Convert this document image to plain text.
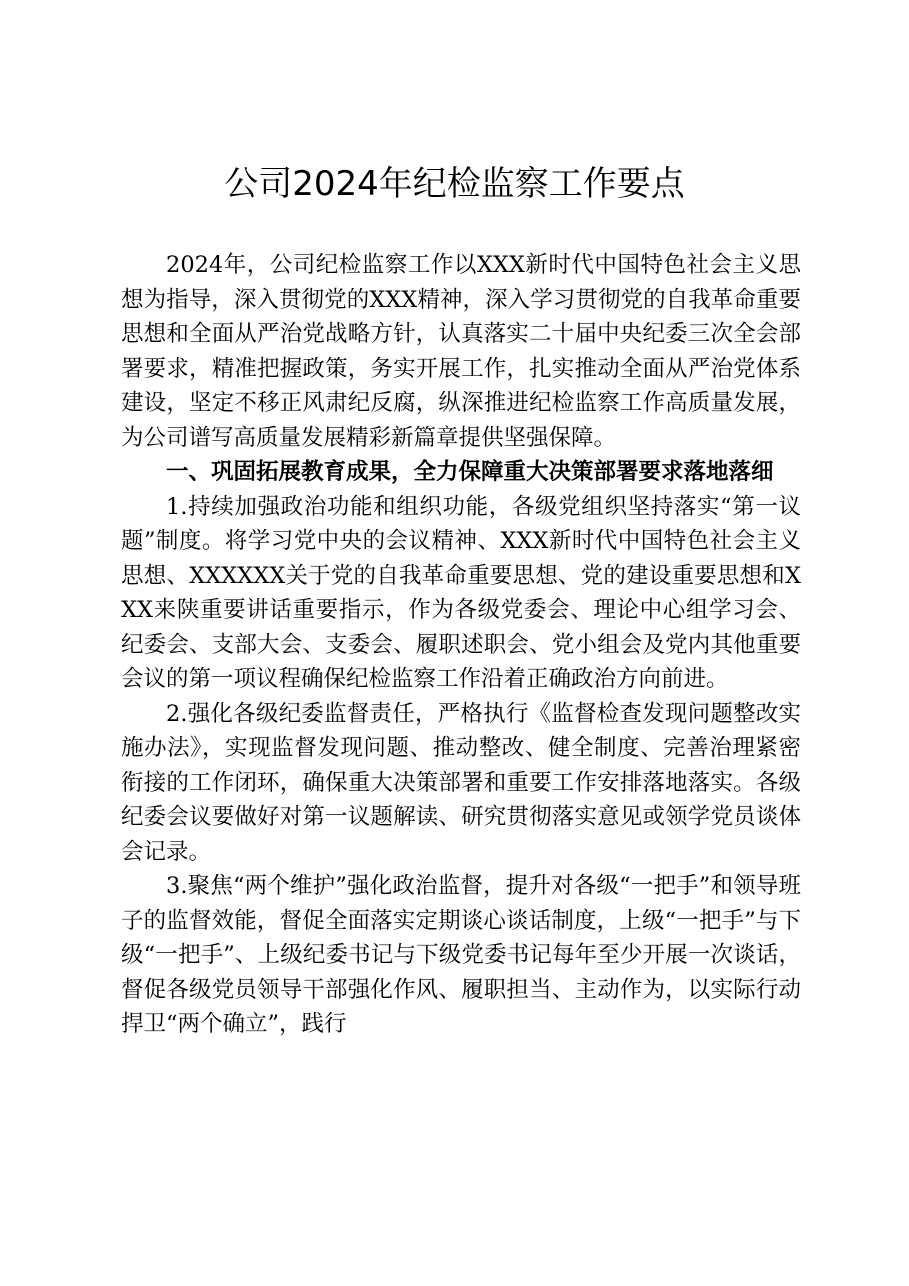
公司2024年纪检监察工作要点

2024年，公司纪检监察工作以XXX新时代中国特色社会主义思想为指导，深入贯彻党的XXX精神，深入学习贯彻党的自我革命重要思想和全面从严治党战略方针，认真落实二十届中央纪委三次全会部署要求，精准把握政策，务实开展工作，扎实推动全面从严治党体系建设，坚定不移正风肃纪反腐，纵深推进纪检监察工作高质量发展，为公司谱写高质量发展精彩新篇章提供坚强保障。

一、巩固拓展教育成果，全力保障重大决策部署要求落地落细

1.持续加强政治功能和组织功能，各级党组织坚持落实“第一议题”制度。将学习党中央的会议精神、XXX新时代中国特色社会主义思想、XXXXXX关于党的自我革命重要思想、党的建设重要思想和XXX来陕重要讲话重要指示，作为各级党委会、理论中心组学习会、纪委会、支部大会、支委会、履职述职会、党小组会及党内其他重要会议的第一项议程确保纪检监察工作沿着正确政治方向前进。

2.强化各级纪委监督责任，严格执行《监督检查发现问题整改实施办法》，实现监督发现问题、推动整改、健全制度、完善治理紧密衔接的工作闭环，确保重大决策部署和重要工作安排落地落实。各级纪委会议要做好对第一议题解读、研究贯彻落实意见或领学党员谈体会记录。

3.聚焦“两个维护”强化政治监督，提升对各级“一把手”和领导班子的监督效能，督促全面落实定期谈心谈话制度，上级“一把手”与下级“一把手”、上级纪委书记与下级党委书记每年至少开展一次谈话，督促各级党员领导干部强化作风、履职担当、主动作为，以实际行动捍卫“两个确立”，践行
